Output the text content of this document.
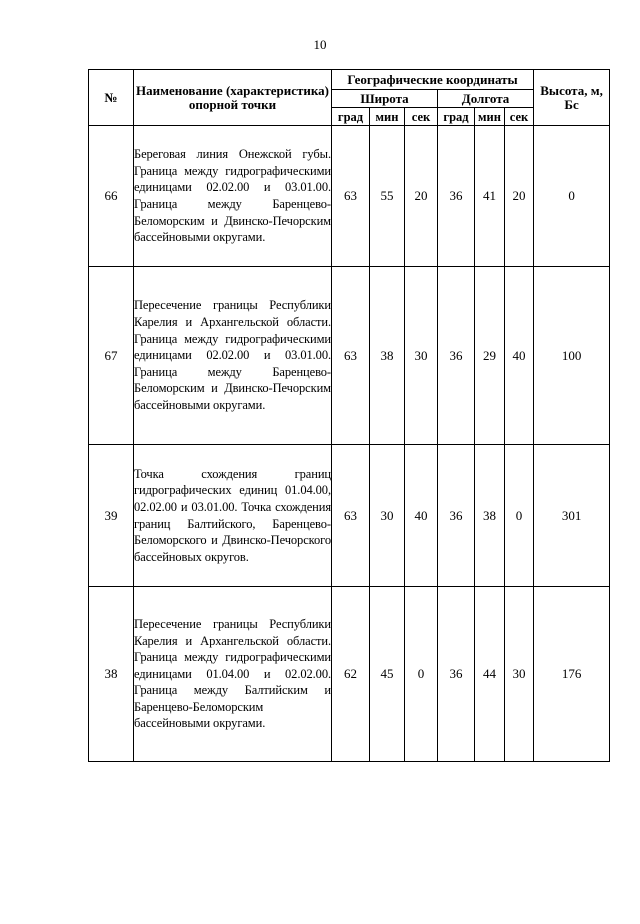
10
№	Наименование (характеристика) опорной точки	Географические координаты						Высота, м, Бс
		Широта			Долгота			
		град	мин	сек	град	мин	сек	
66	Береговая линия Онежской губы. Граница между гидрографическими единицами 02.02.00 и 03.01.00. Граница между Баренцево-Беломорским и Двинско-Печорским бассейновыми округами.	63	55	20	36	41	20	0
67	Пересечение границы Республики Карелия и Архангельской области. Граница между гидрографическими единицами 02.02.00 и 03.01.00. Граница между Баренцево-Беломорским и Двинско-Печорским бассейновыми округами.	63	38	30	36	29	40	100
39	Точка схождения границ гидрографических единиц 01.04.00, 02.02.00 и 03.01.00. Точка схождения границ Балтийского, Баренцево-Беломорского и Двинско-Печорского бассейновых округов.	63	30	40	36	38	0	301
38	Пересечение границы Республики Карелия и Архангельской области. Граница между гидрографическими единицами 01.04.00 и 02.02.00. Граница между Балтийским и Баренцево-Беломорским бассейновыми округами.	62	45	0	36	44	30	176
